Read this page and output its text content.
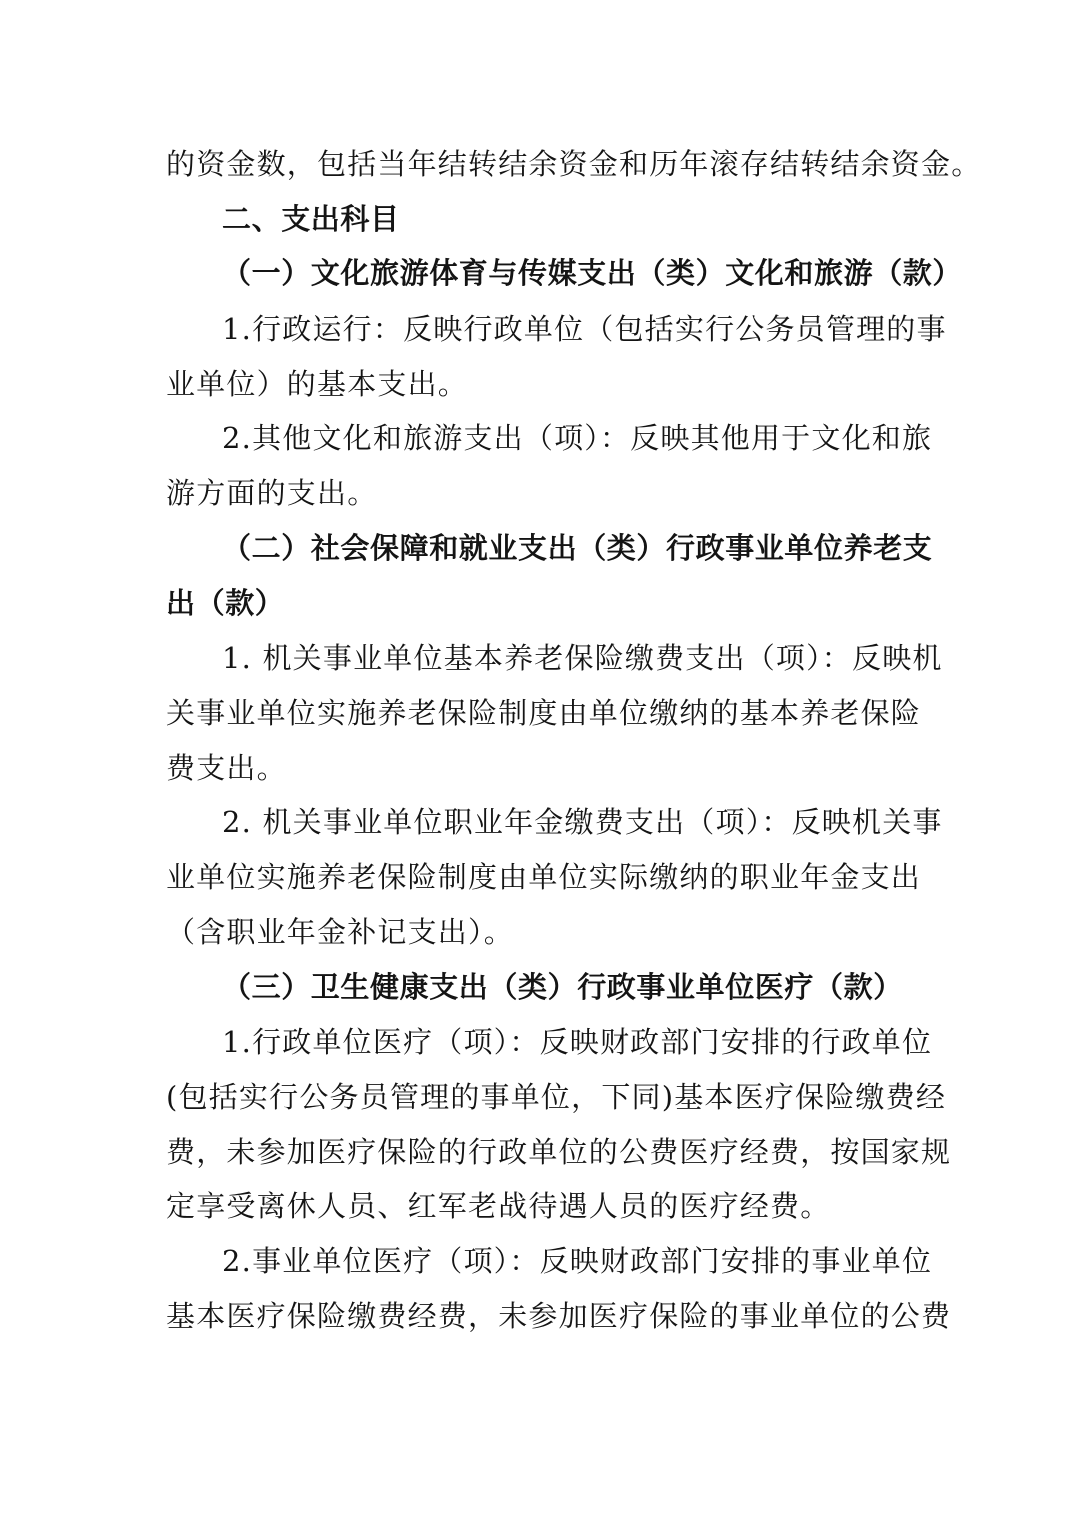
的资金数，包括当年结转结余资金和历年滚存结转结余资金。
二、支出科目
（一）文化旅游体育与传媒支出（类）文化和旅游（款）
1.行政运行：反映行政单位（包括实行公务员管理的事
业单位）的基本支出。
2.其他文化和旅游支出（项）：反映其他用于文化和旅
游方面的支出。
（二）社会保障和就业支出（类）行政事业单位养老支
出（款）
1. 机关事业单位基本养老保险缴费支出（项）：反映机
关事业单位实施养老保险制度由单位缴纳的基本养老保险
费支出。
2. 机关事业单位职业年金缴费支出（项）：反映机关事
业单位实施养老保险制度由单位实际缴纳的职业年金支出
（含职业年金补记支出）。
（三）卫生健康支出（类）行政事业单位医疗（款）
1.行政单位医疗（项）：反映财政部门安排的行政单位
(包括实行公务员管理的事单位，下同)基本医疗保险缴费经
费，未参加医疗保险的行政单位的公费医疗经费，按国家规
定享受离休人员、红军老战待遇人员的医疗经费。
2.事业单位医疗（项）：反映财政部门安排的事业单位
基本医疗保险缴费经费，未参加医疗保险的事业单位的公费
